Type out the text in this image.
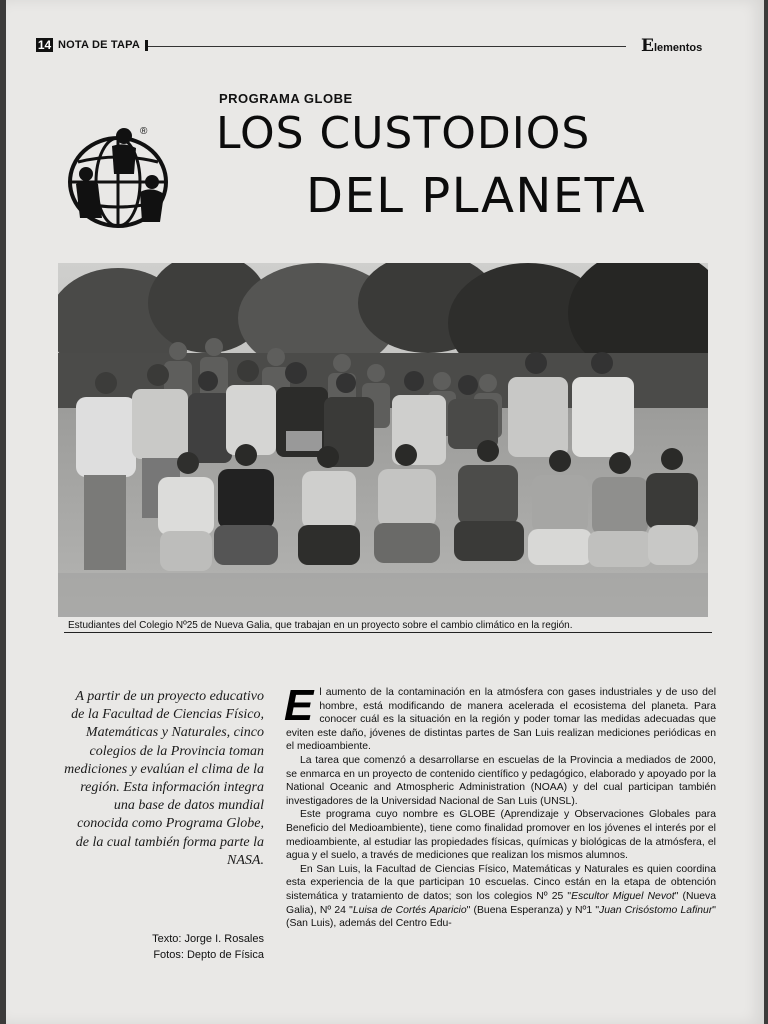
14 NOTA DE TAPA	Elementos
PROGRAMA GLOBE
LOS CUSTODIOS
DEL PLANETA
®
Estudiantes del Colegio Nº25 de Nueva Galia, que trabajan en un proyecto sobre el cambio climático en la región.
A partir de un proyecto educativo de la Facultad de Ciencias Físico, Matemáticas y Naturales, cinco colegios de la Provincia toman mediciones y evalúan el clima de la región. Esta información integra una base de datos mundial conocida como Programa Globe, de la cual también forma parte la NASA.
Texto: Jorge I. Rosales
Fotos: Depto de Física

El aumento de la contaminación en la atmósfera con gases industriales y de uso del hombre, está modificando de manera acelerada el ecosistema del planeta. Para conocer cuál es la situación en la región y poder tomar las medidas adecuadas que eviten este daño, jóvenes de distintas partes de San Luis realizan mediciones periódicas en el medioambiente.

La tarea que comenzó a desarrollarse en escuelas de la Provincia a mediados de 2000, se enmarca en un proyecto de contenido científico y pedagógico, elaborado y apoyado por la National Oceanic and Atmospheric Administration (NOAA) y del cual participan también investigadores de la Universidad Nacional de San Luis (UNSL).

Este programa cuyo nombre es GLOBE (Aprendizaje y Observaciones Globales para Beneficio del Medioambiente), tiene como finalidad promover en los jóvenes el interés por el medioambiente, al estudiar las propiedades físicas, químicas y biológicas de la atmósfera, el agua y el suelo, a través de mediciones que realizan los mismos alumnos.

En San Luis, la Facultad de Ciencias Físico, Matemáticas y Naturales es quien coordina esta experiencia de la que participan 10 escuelas. Cinco están en la etapa de obtención sistemática y tratamiento de datos; son los colegios Nº 25 "Escultor Miguel Nevot" (Nueva Galia), Nº 24 "Luisa de Cortés Aparicio" (Buena Esperanza) y Nº1 "Juan Crisóstomo Lafinur" (San Luis), además del Centro Edu-
